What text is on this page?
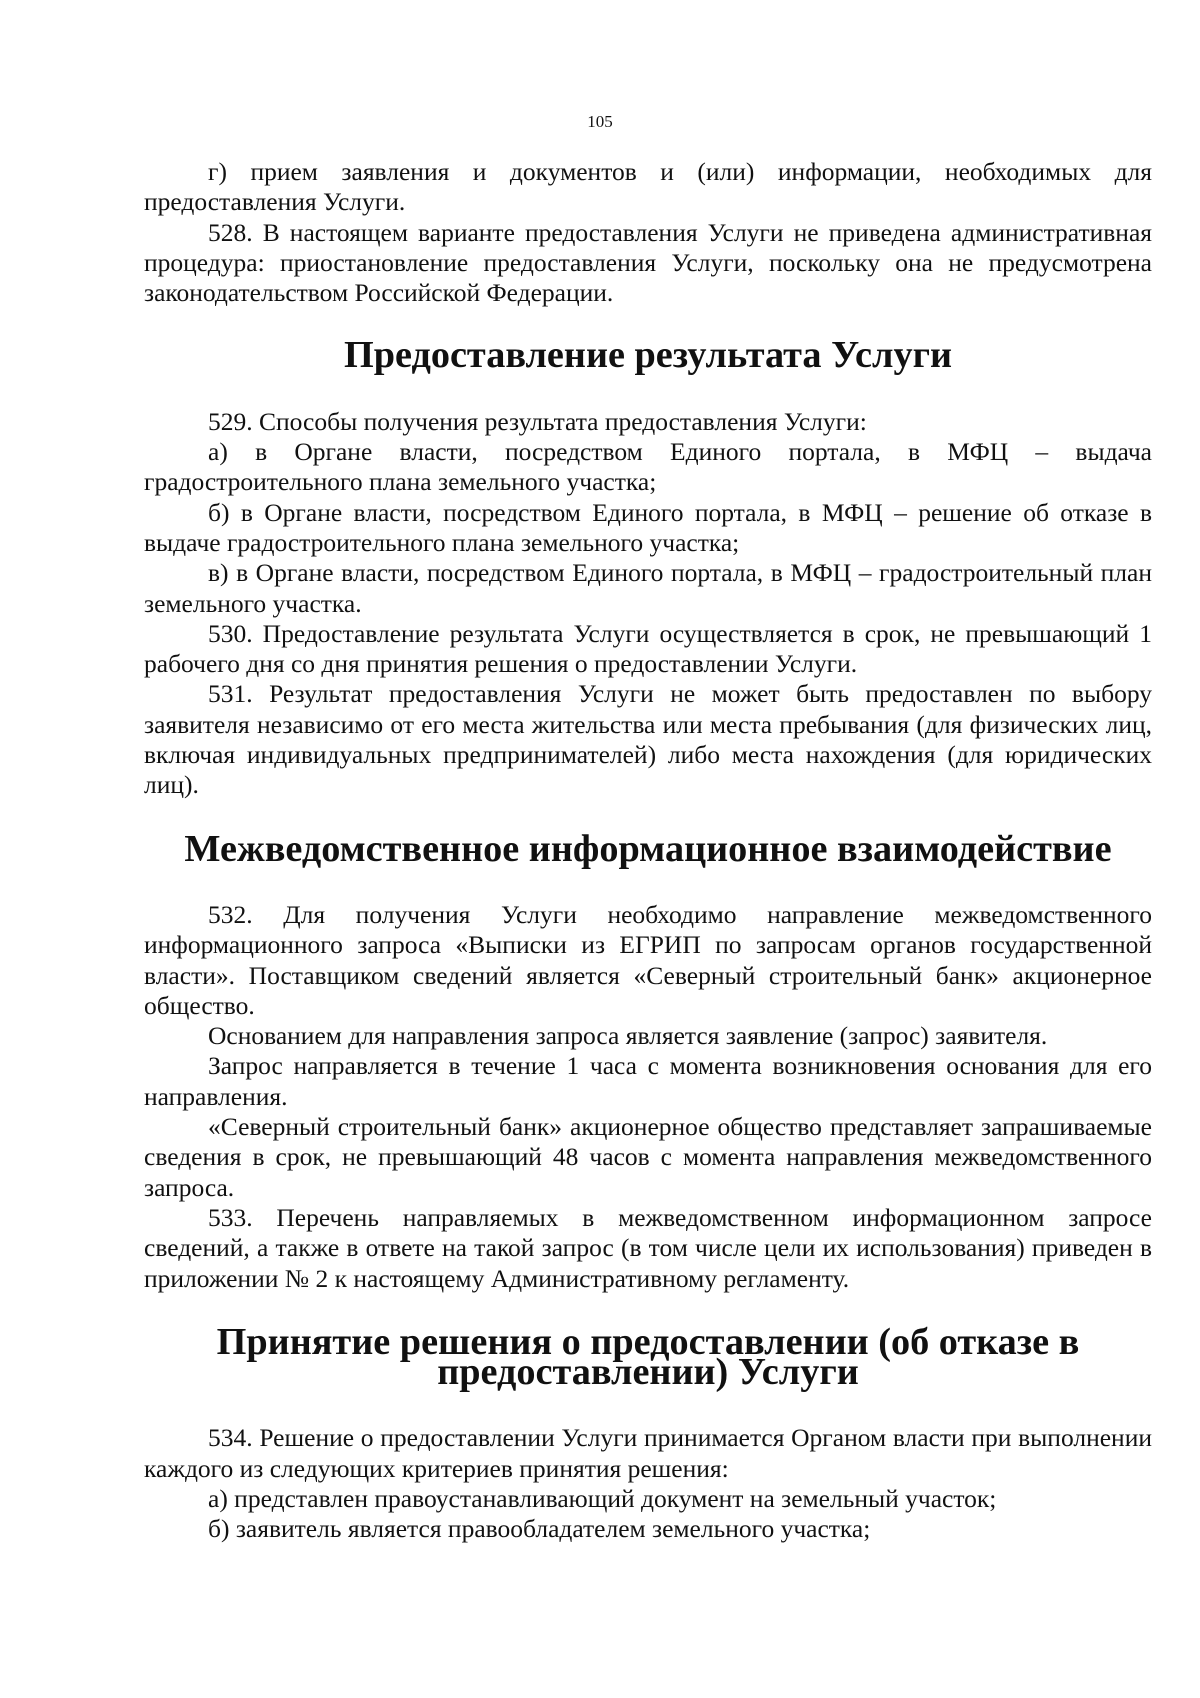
105

г) прием заявления и документов и (или) информации, необходимых для предоставления Услуги.

528. В настоящем варианте предоставления Услуги не приведена административная процедура: приостановление предоставления Услуги, поскольку она не предусмотрена законодательством Российской Федерации.

Предоставление результата Услуги

529. Способы получения результата предоставления Услуги:

а) в Органе власти, посредством Единого портала, в МФЦ – выдача градостроительного плана земельного участка;

б) в Органе власти, посредством Единого портала, в МФЦ – решение об отказе в выдаче градостроительного плана земельного участка;

в) в Органе власти, посредством Единого портала, в МФЦ – градостроительный план земельного участка.

530. Предоставление результата Услуги осуществляется в срок, не превышающий 1 рабочего дня со дня принятия решения о предоставлении Услуги.

531. Результат предоставления Услуги не может быть предоставлен по выбору заявителя независимо от его места жительства или места пребывания (для физических лиц, включая индивидуальных предпринимателей) либо места нахождения (для юридических лиц).

Межведомственное информационное взаимодействие

532. Для получения Услуги необходимо направление межведомственного информационного запроса «Выписки из ЕГРИП по запросам органов государственной власти». Поставщиком сведений является «Северный строительный банк» акционерное общество.

Основанием для направления запроса является заявление (запрос) заявителя.

Запрос направляется в течение 1 часа с момента возникновения основания для его направления.

«Северный строительный банк» акционерное общество представляет запрашиваемые сведения в срок, не превышающий 48 часов с момента направления межведомственного запроса.

533. Перечень направляемых в межведомственном информационном запросе сведений, а также в ответе на такой запрос (в том числе цели их использования) приведен в приложении № 2 к настоящему Административному регламенту.

Принятие решения о предоставлении (об отказе в предоставлении) Услуги

534. Решение о предоставлении Услуги принимается Органом власти при выполнении каждого из следующих критериев принятия решения:

а) представлен правоустанавливающий документ на земельный участок;

б) заявитель является правообладателем земельного участка;
